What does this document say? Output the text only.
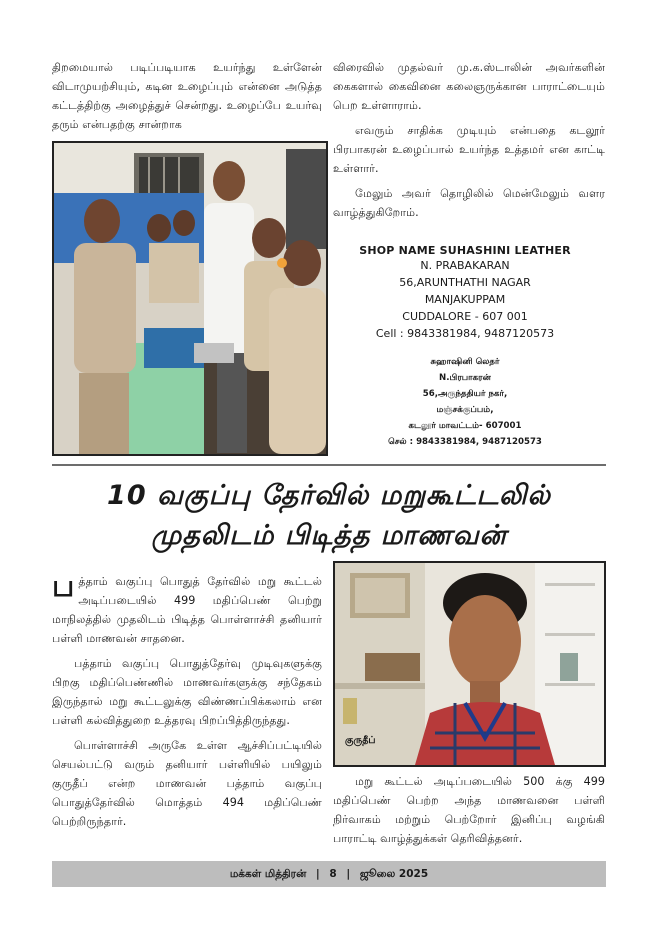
திறமையால் படிப்படியாக உயர்ந்து உள்ளேன் விடாமுயற்சியும், கடின உழைப்பும் என்னை அடுத்த கட்டத்திற்கு அழைத்துச் சென்றது. உழைப்பே உயர்வு தரும் என்பதற்கு சான்றாக

விரைவில் முதல்வர் மு.க.ஸ்டாலின் அவர்களின் கைகளால் கைவினை கலைஞருக்கான பாராட்டையும் பெற உள்ளாராம்.

எவரும் சாதிக்க முடியும் என்பதை கடலூர் பிரபாகரன் உழைப்பால் உயர்ந்த உத்தமர் என காட்டி உள்ளார்.

மேலும் அவர் தொழிலில் மென்மேலும் வளர வாழ்த்துகிறோம்.

SHOP NAME SUHASHINI LEATHER
N. PRABAKARAN
56,ARUNTHATHI NAGAR
MANJAKUPPAM
CUDDALORE - 607 001
Cell : 9843381984, 9487120573
சுஹாஷினி லெதர்
N.பிரபாகரன்
56,அருந்ததியர் நகர்,
மஞ்சக்குப்பம்,
கடலூர் மாவட்டம்- 607001
செல் : 9843381984, 9487120573
10 வகுப்பு தேர்வில் மறுகூட்டலில்
முதலிடம் பிடித்த மாணவன்

பத்தாம் வகுப்பு பொதுத் தேர்வில் மறு கூட்டல் அடிப்படையில் 499 மதிப்பெண் பெற்று மாநிலத்தில் முதலிடம் பிடித்த பொள்ளாச்சி தனியார் பள்ளி மாணவன் சாதனை.

பத்தாம் வகுப்பு பொதுத்தேர்வு முடிவுகளுக்கு பிறகு மதிப்பெண்ணில் மாணவர்களுக்கு சந்தேகம் இருந்தால் மறு கூட்டலுக்கு விண்ணப்பிக்கலாம் என பள்ளி கல்வித்துறை உத்தரவு பிறப்பித்திருந்தது.

பொள்ளாச்சி அருகே உள்ள ஆச்சிப்பட்டியில் செயல்பட்டு வரும் தனியார் பள்ளியில் பயிலும் குருதீப் என்ற மாணவன் பத்தாம் வகுப்பு பொதுத்தேர்வில் மொத்தம் 494 மதிப்பெண் பெற்றிருந்தார்.

குருதீப்

மறு கூட்டல் அடிப்படையில் 500 க்கு 499 மதிப்பெண் பெற்ற அந்த மாணவனை பள்ளி நிர்வாகம் மற்றும் பெற்றோர் இனிப்பு வழங்கி பாராட்டி வாழ்த்துக்கள் தெரிவித்தனர்.

மக்கள் மித்திரன் | 8 | ஜூலை 2025
